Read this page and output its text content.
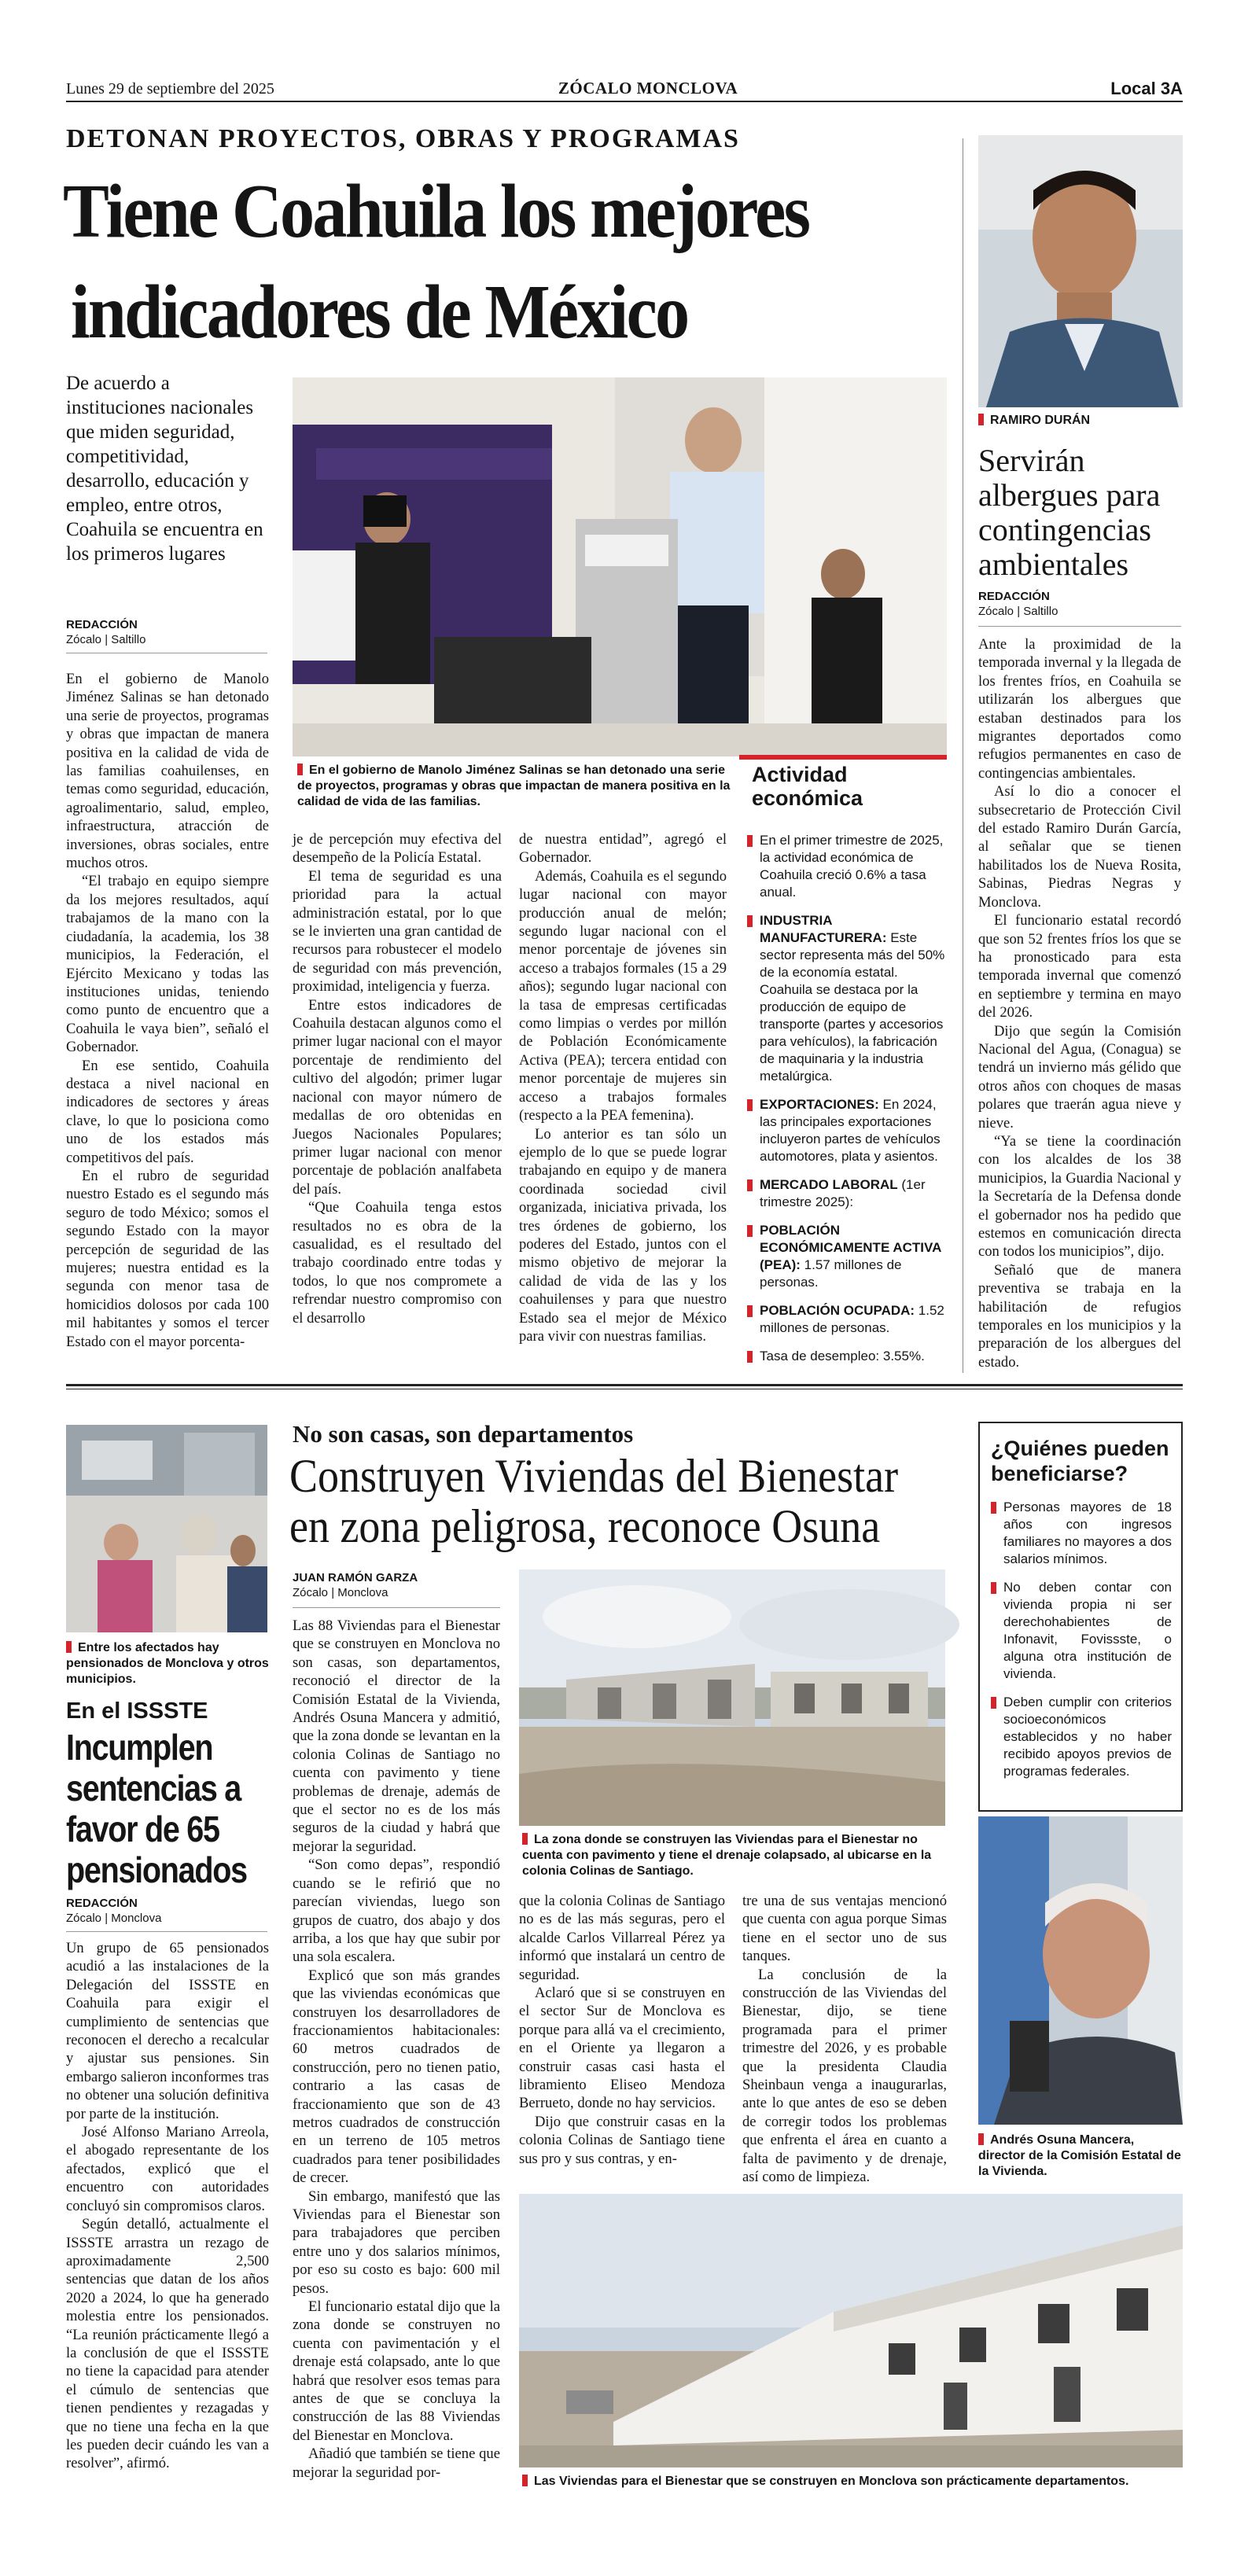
Lunes 29 de septiembre del 2025	ZÓCALO MONCLOVA	Local 3A
DETONAN PROYECTOS, OBRAS Y PROGRAMAS
Tiene Coahuila los mejores
indicadores de México
De acuerdo a instituciones nacionales que miden seguridad, competitividad, desarrollo, educación y empleo, entre otros, Coahuila se encuentra en los primeros lugares
REDACCIÓN
Zócalo | Saltillo
En el gobierno de Manolo Jiménez Salinas se han detonado una serie de proyectos, programas y obras que impactan de manera positiva en la calidad de vida de las familias.

En el gobierno de Manolo Jiménez Salinas se han detonado una serie de proyectos, programas y obras que impactan de manera positiva en la calidad de vida de las familias coahuilenses, en temas como seguridad, educación, agroalimentario, salud, empleo, infraestructura, atracción de inversiones, obras sociales, entre muchos otros.

“El trabajo en equipo siempre da los mejores resultados, aquí trabajamos de la mano con la ciudadanía, la academia, los 38 municipios, la Federación, el Ejército Mexicano y todas las instituciones unidas, teniendo como punto de encuentro que a Coahuila le vaya bien”, señaló el Gobernador.

En ese sentido, Coahuila destaca a nivel nacional en indicadores de sectores y áreas clave, lo que lo posiciona como uno de los estados más competitivos del país.

En el rubro de seguridad nuestro Estado es el segundo más seguro de todo México; somos el segundo Estado con la mayor percepción de seguridad de las mujeres; nuestra entidad es la segunda con menor tasa de homicidios dolosos por cada 100 mil habitantes y somos el tercer Estado con el mayor porcenta-

je de percepción muy efectiva del desempeño de la Policía Estatal.

El tema de seguridad es una prioridad para la actual administración estatal, por lo que se le invierten una gran cantidad de recursos para robustecer el modelo de seguridad con más prevención, proximidad, inteligencia y fuerza.

Entre estos indicadores de Coahuila destacan algunos como el primer lugar nacional con el mayor porcentaje de rendimiento del cultivo del algodón; primer lugar nacional con mayor número de medallas de oro obtenidas en Juegos Nacionales Populares; primer lugar nacional con menor porcentaje de población analfabeta del país.

“Que Coahuila tenga estos resultados no es obra de la casualidad, es el resultado del trabajo coordinado entre todas y todos, lo que nos compromete a refrendar nuestro compromiso con el desarrollo

de nuestra entidad”, agregó el Gobernador.

Además, Coahuila es el segundo lugar nacional con mayor producción anual de melón; segundo lugar nacional con el menor porcentaje de jóvenes sin acceso a trabajos formales (15 a 29 años); segundo lugar nacional con la tasa de empresas certificadas como limpias o verdes por millón de Población Económicamente Activa (PEA); tercera entidad con menor porcentaje de mujeres sin acceso a trabajos formales (respecto a la PEA femenina).

Lo anterior es tan sólo un ejemplo de lo que se puede lograr trabajando en equipo y de manera coordinada sociedad civil organizada, iniciativa privada, los tres órdenes de gobierno, los poderes del Estado, juntos con el mismo objetivo de mejorar la calidad de vida de las y los coahuilenses y para que nuestro Estado sea el mejor de México para vivir con nuestras familias.

Actividad económica
En el primer trimestre de 2025, la actividad económica de Coahuila creció 0.6% a tasa anual.
INDUSTRIA MANUFACTURERA: Este sector representa más del 50% de la economía estatal. Coahuila se destaca por la producción de equipo de transporte (partes y accesorios para vehículos), la fabricación de maquinaria y la industria metalúrgica.
EXPORTACIONES: En 2024, las principales exportaciones incluyeron partes de vehículos automotores, plata y asientos.
MERCADO LABORAL (1er trimestre 2025):
POBLACIÓN ECONÓMICAMENTE ACTIVA (PEA): 1.57 millones de personas.
POBLACIÓN OCUPADA: 1.52 millones de personas.
Tasa de desempleo: 3.55%.
RAMIRO DURÁN
Servirán albergues para contingencias ambientales
REDACCIÓN
Zócalo | Saltillo

Ante la proximidad de la temporada invernal y la llegada de los frentes fríos, en Coahuila se utilizarán los albergues que estaban destinados para los migrantes deportados como refugios permanentes en caso de contingencias ambientales.

Así lo dio a conocer el subsecretario de Protección Civil del estado Ramiro Durán García, al señalar que se tienen habilitados los de Nueva Rosita, Sabinas, Piedras Negras y Monclova.

El funcionario estatal recordó que son 52 frentes fríos los que se ha pronosticado para esta temporada invernal que comenzó en septiembre y termina en mayo del 2026.

Dijo que según la Comisión Nacional del Agua, (Conagua) se tendrá un invierno más gélido que otros años con choques de masas polares que traerán agua nieve y nieve.

“Ya se tiene la coordinación con los alcaldes de los 38 municipios, la Guardia Nacional y la Secretaría de la Defensa donde el gobernador nos ha pedido que estemos en comunicación directa con todos los municipios”, dijo.

Señaló que de manera preventiva se trabaja en la habilitación de refugios temporales en los municipios y la preparación de los albergues del estado.

Entre los afectados hay pensionados de Monclova y otros municipios.
En el ISSSTE
Incumplen sentencias a favor de 65 pensionados
REDACCIÓN
Zócalo | Monclova

Un grupo de 65 pensionados acudió a las instalaciones de la Delegación del ISSSTE en Coahuila para exigir el cumplimiento de sentencias que reconocen el derecho a recalcular y ajustar sus pensiones. Sin embargo salieron inconformes tras no obtener una solución definitiva por parte de la institución.

José Alfonso Mariano Arreola, el abogado representante de los afectados, explicó que el encuentro con autoridades concluyó sin compromisos claros.

Según detalló, actualmente el ISSSTE arrastra un rezago de aproximadamente 2,500 sentencias que datan de los años 2020 a 2024, lo que ha generado molestia entre los pensionados. “La reunión prácticamente llegó a la conclusión de que el ISSSTE no tiene la capacidad para atender el cúmulo de sentencias que tienen pendientes y rezagadas y que no tiene una fecha en la que les pueden decir cuándo les van a resolver”, afirmó.

No son casas, son departamentos
Construyen Viviendas del Bienestar
en zona peligrosa, reconoce Osuna
JUAN RAMÓN GARZA
Zócalo | Monclova
La zona donde se construyen las Viviendas para el Bienestar no cuenta con pavimento y tiene el drenaje colapsado, al ubicarse en la colonia Colinas de Santiago.

Las 88 Viviendas para el Bienestar que se construyen en Monclova no son casas, son departamentos, reconoció el director de la Comisión Estatal de la Vivienda, Andrés Osuna Mancera y admitió, que la zona donde se levantan en la colonia Colinas de Santiago no cuenta con pavimento y tiene problemas de drenaje, además de que el sector no es de los más seguros de la ciudad y habrá que mejorar la seguridad.

“Son como depas”, respondió cuando se le refirió que no parecían viviendas, luego son grupos de cuatro, dos abajo y dos arriba, a los que hay que subir por una sola escalera.

Explicó que son más grandes que las viviendas económicas que construyen los desarrolladores de fraccionamientos habitacionales: 60 metros cuadrados de construcción, pero no tienen patio, contrario a las casas de fraccionamiento que son de 43 metros cuadrados de construcción en un terreno de 105 metros cuadrados para tener posibilidades de crecer.

Sin embargo, manifestó que las Viviendas para el Bienestar son para trabajadores que perciben entre uno y dos salarios mínimos, por eso su costo es bajo: 600 mil pesos.

El funcionario estatal dijo que la zona donde se construyen no cuenta con pavimentación y el drenaje está colapsado, ante lo que habrá que resolver esos temas para antes de que se concluya la construcción de las 88 Viviendas del Bienestar en Monclova.

Añadió que también se tiene que mejorar la seguridad por-

que la colonia Colinas de Santiago no es de las más seguras, pero el alcalde Carlos Villarreal Pérez ya informó que instalará un centro de seguridad.

Aclaró que si se construyen en el sector Sur de Monclova es porque para allá va el crecimiento, en el Oriente ya llegaron a construir casas casi hasta el libramiento Eliseo Mendoza Berrueto, donde no hay servicios.

Dijo que construir casas en la colonia Colinas de Santiago tiene sus pro y sus contras, y en-

tre una de sus ventajas mencionó que cuenta con agua porque Simas tiene en el sector uno de sus tanques.

La conclusión de la construcción de las Viviendas del Bienestar, dijo, se tiene programada para el primer trimestre del 2026, y es probable que la presidenta Claudia Sheinbaun venga a inaugurarlas, ante lo que antes de eso se deben de corregir todos los problemas que enfrenta el área en cuanto a falta de pavimento y de drenaje, así como de limpieza.

Las Viviendas para el Bienestar que se construyen en Monclova son prácticamente departamentos.
¿Quiénes pueden beneficiarse?
Personas mayores de 18 años con ingresos familiares no mayores a dos salarios mínimos.
No deben contar con vivienda propia ni ser derechohabientes de Infonavit, Fovissste, o alguna otra institución de vivienda.
Deben cumplir con criterios socioeconómicos establecidos y no haber recibido apoyos previos de programas federales.
Andrés Osuna Mancera, director de la Comisión Estatal de la Vivienda.
